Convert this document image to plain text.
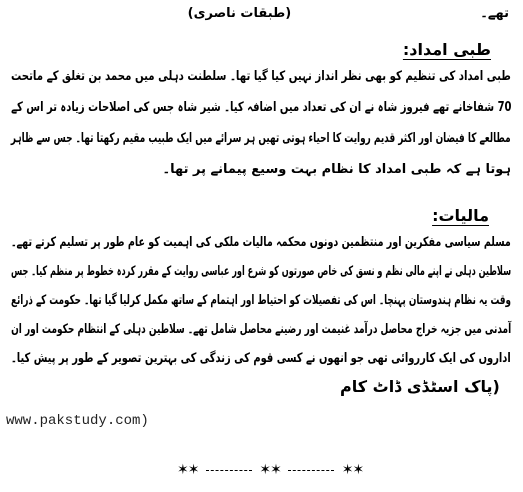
تھے۔  (طبقات ناصری)
طبی امداد:
طبی امداد کی تنظیم کو بھی نظر انداز نہیں کیا گیا تھا۔ سلطنت دہلی میں محمد بن تغلق کے ماتحت
70 شفاخانے تھے فیروز شاہ نے ان کی تعداد میں اضافہ کیا۔ شیر شاہ جس کی اصلاحات زیادہ تر اس کے
مطالعے کا فیضان اور اکثر قدیم روایت کا احیاء ہوتی تھیں ہر سرائے میں ایک طبیب مقیم رکھتا تھا۔ جس سے ظاہر
ہوتا ہے کہ طبی امداد کا نظام بہت وسیع پیمانے پر تھا۔
مالیات:
مسلم سیاسی مفکرین اور منتظمین دونوں محکمہ مالیات ملکی کی اہمیت کو عام طور پر تسلیم کرتے تھے۔
سلاطین دہلی نے اپنے مالی نظم و نسق کی خاص صورتوں کو شرع اور عباسی روایت کے مقرر کردہ خطوط پر منظم کیا۔ جس
وقت یہ نظام ہندوستان پہنچا۔ اس کی تفصیلات کو احتیاط اور اہتمام کے ساتھ مکمل کرلیا گیا تھا۔ حکومت کے ذرائع
آمدنی میں جزیہ خراج محاصل درآمد غنیمت اور رضینے محاصل شامل تھے۔ سلاطین دہلی کے انتظام حکومت اور ان
اداروں کی ایک کارروائی تھی جو انھوں نے کسی قوم کی زندگی کی بہترین تصویر کے طور پر پیش کیا۔
(پاک اسٹڈی ڈاٹ کام
www.pakstudy.com)
✶✶	✶✶	✶✶
